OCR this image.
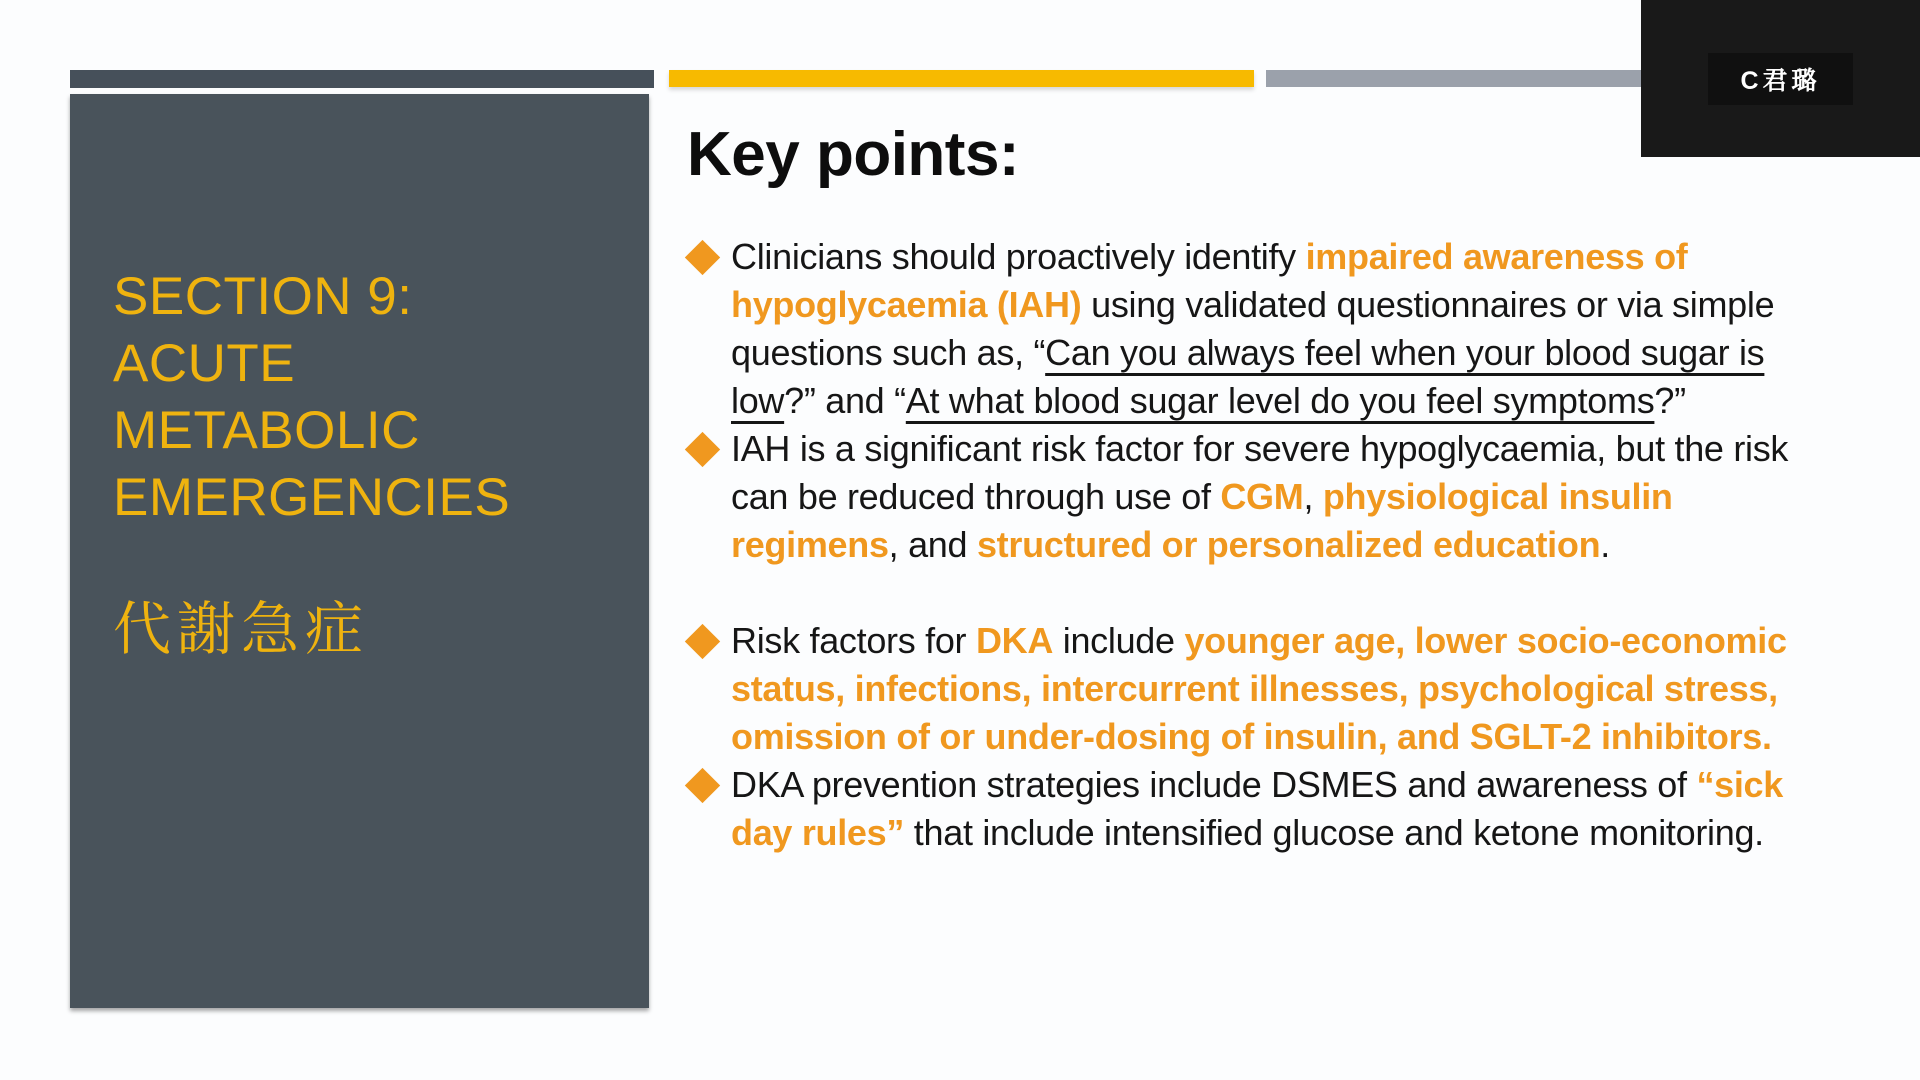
SECTION 9:
ACUTE
METABOLIC
EMERGENCIES
代謝急症
Key points:
Clinicians should proactively identify impaired awareness of hypoglycaemia (IAH) using validated questionnaires or via simple questions such as, “Can you always feel when your blood sugar is low?” and “At what blood sugar level do you feel symptoms?”
IAH is a significant risk factor for severe hypoglycaemia, but the risk can be reduced through use of CGM, physiological insulin regimens, and structured or personalized education.
Risk factors for DKA include younger age, lower socio-economic status, infections, intercurrent illnesses, psychological stress, omission of or under-dosing of insulin, and SGLT-2 inhibitors.
DKA prevention strategies include DSMES and awareness of “sick day rules” that include intensified glucose and ketone monitoring.
C君璐
